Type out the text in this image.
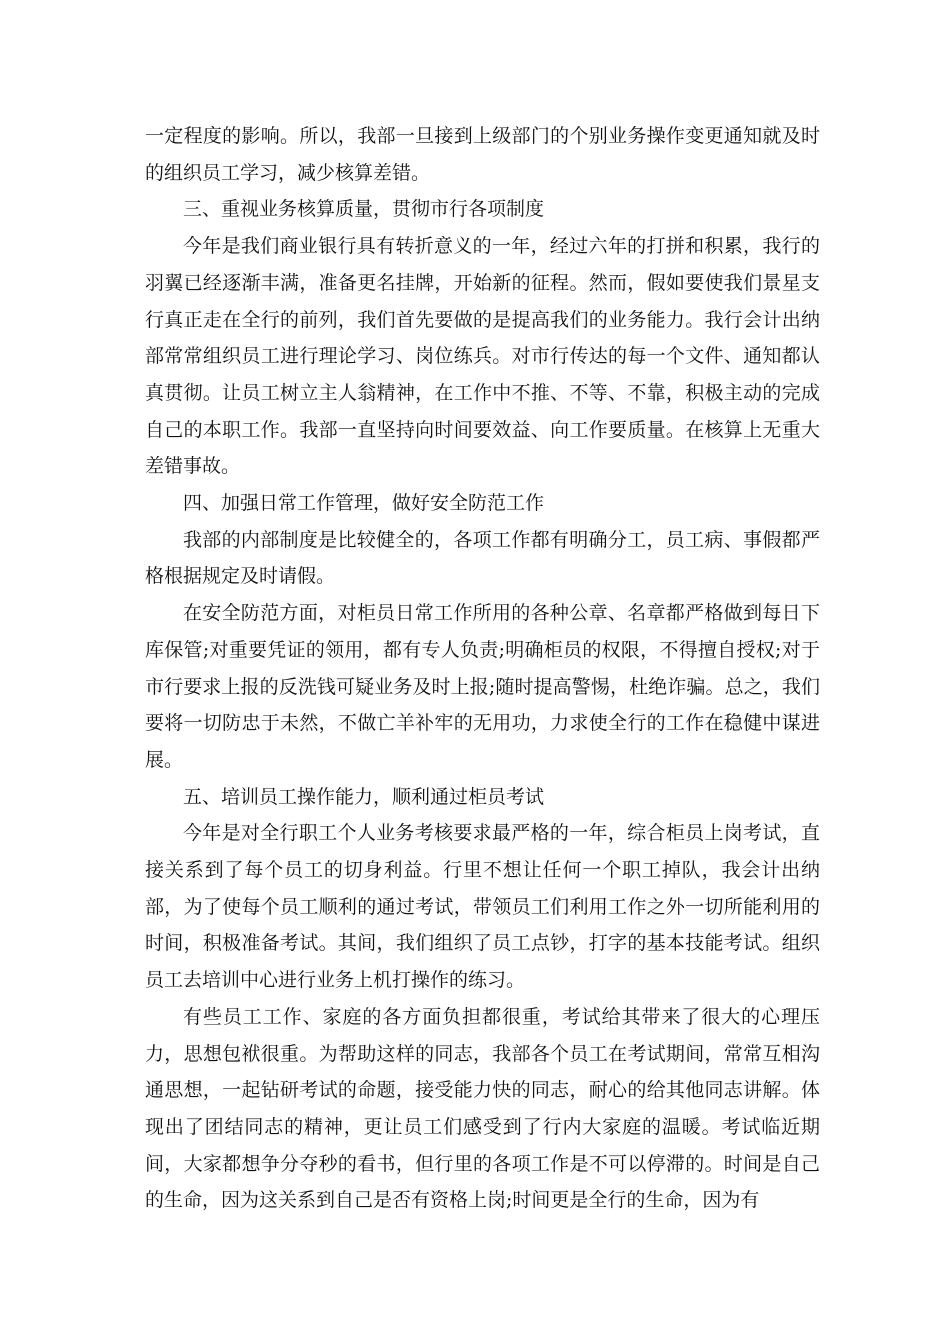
一定程度的影响。所以，我部一旦接到上级部门的个别业务操作变更通知就及时的组织员工学习，减少核算差错。

三、重视业务核算质量，贯彻市行各项制度

今年是我们商业银行具有转折意义的一年，经过六年的打拼和积累，我行的羽翼已经逐渐丰满，准备更名挂牌，开始新的征程。然而，假如要使我们景星支行真正走在全行的前列，我们首先要做的是提高我们的业务能力。我行会计出纳部常常组织员工进行理论学习、岗位练兵。对市行传达的每一个文件、通知都认真贯彻。让员工树立主人翁精神，在工作中不推、不等、不靠，积极主动的完成自己的本职工作。我部一直坚持向时间要效益、向工作要质量。在核算上无重大差错事故。

四、加强日常工作管理，做好安全防范工作

我部的内部制度是比较健全的，各项工作都有明确分工，员工病、事假都严格根据规定及时请假。

在安全防范方面，对柜员日常工作所用的各种公章、名章都严格做到每日下库保管;对重要凭证的领用，都有专人负责;明确柜员的权限，不得擅自授权;对于市行要求上报的反洗钱可疑业务及时上报;随时提高警惕，杜绝诈骗。总之，我们要将一切防忠于未然，不做亡羊补牢的无用功，力求使全行的工作在稳健中谋进展。

五、培训员工操作能力，顺利通过柜员考试

今年是对全行职工个人业务考核要求最严格的一年，综合柜员上岗考试，直接关系到了每个员工的切身利益。行里不想让任何一个职工掉队，我会计出纳部，为了使每个员工顺利的通过考试，带领员工们利用工作之外一切所能利用的时间，积极准备考试。其间，我们组织了员工点钞，打字的基本技能考试。组织员工去培训中心进行业务上机打操作的练习。

有些员工工作、家庭的各方面负担都很重，考试给其带来了很大的心理压力，思想包袱很重。为帮助这样的同志，我部各个员工在考试期间，常常互相沟通思想，一起钻研考试的命题，接受能力快的同志，耐心的给其他同志讲解。体现出了团结同志的精神，更让员工们感受到了行内大家庭的温暖。考试临近期间，大家都想争分夺秒的看书，但行里的各项工作是不可以停滞的。时间是自己的生命，因为这关系到自己是否有资格上岗;时间更是全行的生命，因为有
